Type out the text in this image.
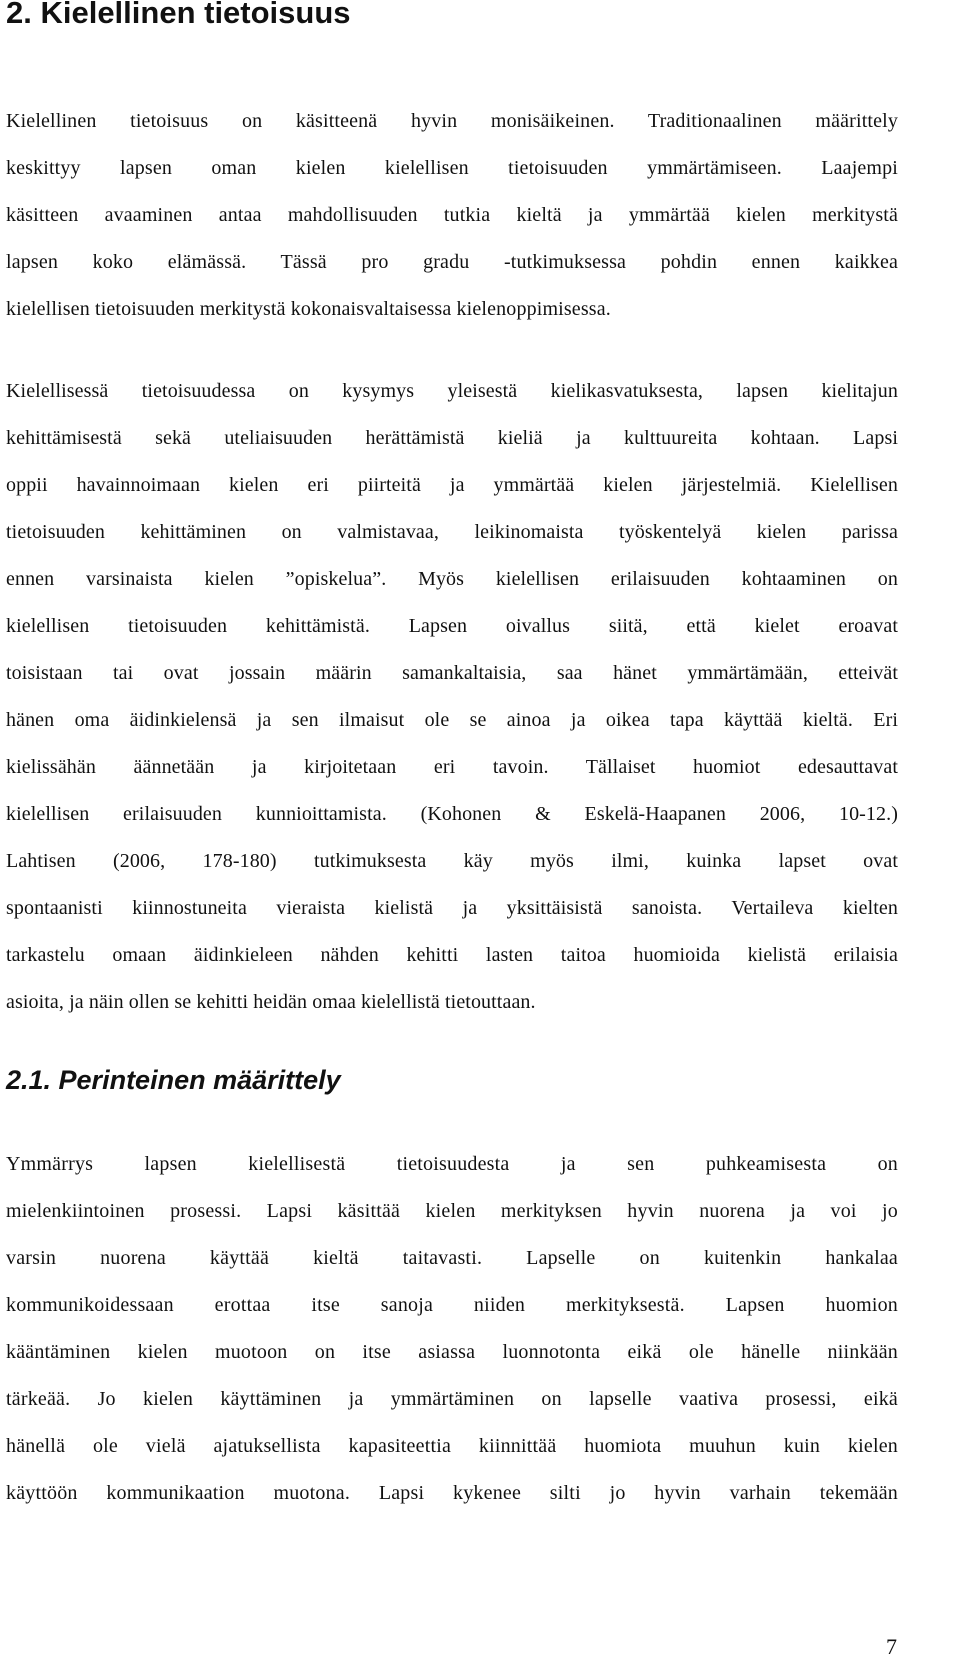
2. Kielellinen tietoisuus
Kielellinen tietoisuus on käsitteenä hyvin monisäikeinen. Traditionaalinen määrittely
keskittyy lapsen oman kielen kielellisen tietoisuuden ymmärtämiseen. Laajempi
käsitteen avaaminen antaa mahdollisuuden tutkia kieltä ja ymmärtää kielen merkitystä
lapsen koko elämässä. Tässä pro gradu -tutkimuksessa pohdin ennen kaikkea
kielellisen tietoisuuden merkitystä kokonaisvaltaisessa kielenoppimisessa.
Kielellisessä tietoisuudessa on kysymys yleisestä kielikasvatuksesta, lapsen kielitajun
kehittämisestä sekä uteliaisuuden herättämistä kieliä ja kulttuureita kohtaan. Lapsi
oppii havainnoimaan kielen eri piirteitä ja ymmärtää kielen järjestelmiä. Kielellisen
tietoisuuden kehittäminen on valmistavaa, leikinomaista työskentelyä kielen parissa
ennen varsinaista kielen ”opiskelua”. Myös kielellisen erilaisuuden kohtaaminen on
kielellisen tietoisuuden kehittämistä. Lapsen oivallus siitä, että kielet eroavat
toisistaan tai ovat jossain määrin samankaltaisia, saa hänet ymmärtämään, etteivät
hänen oma äidinkielensä ja sen ilmaisut ole se ainoa ja oikea tapa käyttää kieltä. Eri
kielissähän äännetään ja kirjoitetaan eri tavoin. Tällaiset huomiot edesauttavat
kielellisen erilaisuuden kunnioittamista. (Kohonen & Eskelä-Haapanen 2006, 10-12.)
Lahtisen (2006, 178-180) tutkimuksesta käy myös ilmi, kuinka lapset ovat
spontaanisti kiinnostuneita vieraista kielistä ja yksittäisistä sanoista. Vertaileva kielten
tarkastelu omaan äidinkieleen nähden kehitti lasten taitoa huomioida kielistä erilaisia
asioita, ja näin ollen se kehitti heidän omaa kielellistä tietouttaan.
2.1. Perinteinen määrittely
Ymmärrys lapsen kielellisestä tietoisuudesta ja sen puhkeamisesta on
mielenkiintoinen prosessi. Lapsi käsittää kielen merkityksen hyvin nuorena ja voi jo
varsin nuorena käyttää kieltä taitavasti. Lapselle on kuitenkin hankalaa
kommunikoidessaan erottaa itse sanoja niiden merkityksestä. Lapsen huomion
kääntäminen kielen muotoon on itse asiassa luonnotonta eikä ole hänelle niinkään
tärkeää. Jo kielen käyttäminen ja ymmärtäminen on lapselle vaativa prosessi, eikä
hänellä ole vielä ajatuksellista kapasiteettia kiinnittää huomiota muuhun kuin kielen
käyttöön kommunikaation muotona. Lapsi kykenee silti jo hyvin varhain tekemään
7
